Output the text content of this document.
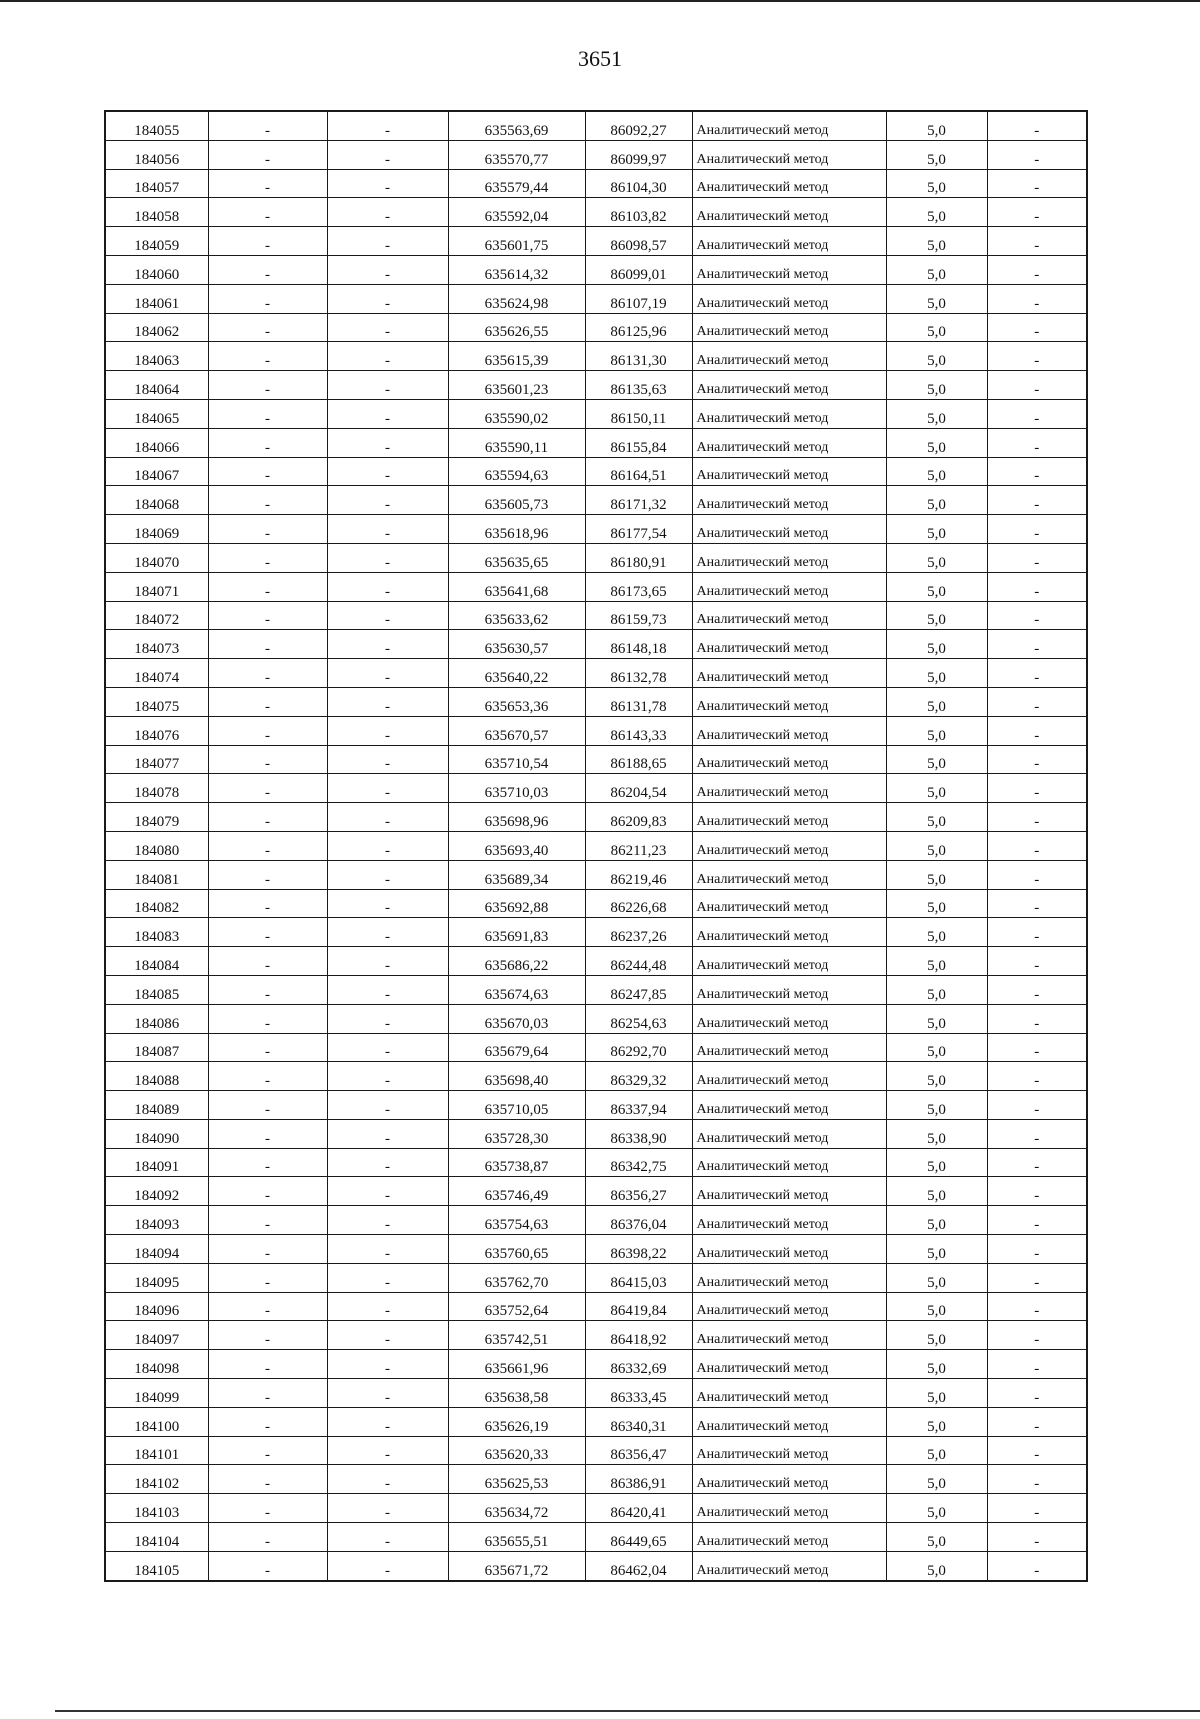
3651
184055	-	-	635563,69	86092,27	Аналитический метод	5,0	-
184056	-	-	635570,77	86099,97	Аналитический метод	5,0	-
184057	-	-	635579,44	86104,30	Аналитический метод	5,0	-
184058	-	-	635592,04	86103,82	Аналитический метод	5,0	-
184059	-	-	635601,75	86098,57	Аналитический метод	5,0	-
184060	-	-	635614,32	86099,01	Аналитический метод	5,0	-
184061	-	-	635624,98	86107,19	Аналитический метод	5,0	-
184062	-	-	635626,55	86125,96	Аналитический метод	5,0	-
184063	-	-	635615,39	86131,30	Аналитический метод	5,0	-
184064	-	-	635601,23	86135,63	Аналитический метод	5,0	-
184065	-	-	635590,02	86150,11	Аналитический метод	5,0	-
184066	-	-	635590,11	86155,84	Аналитический метод	5,0	-
184067	-	-	635594,63	86164,51	Аналитический метод	5,0	-
184068	-	-	635605,73	86171,32	Аналитический метод	5,0	-
184069	-	-	635618,96	86177,54	Аналитический метод	5,0	-
184070	-	-	635635,65	86180,91	Аналитический метод	5,0	-
184071	-	-	635641,68	86173,65	Аналитический метод	5,0	-
184072	-	-	635633,62	86159,73	Аналитический метод	5,0	-
184073	-	-	635630,57	86148,18	Аналитический метод	5,0	-
184074	-	-	635640,22	86132,78	Аналитический метод	5,0	-
184075	-	-	635653,36	86131,78	Аналитический метод	5,0	-
184076	-	-	635670,57	86143,33	Аналитический метод	5,0	-
184077	-	-	635710,54	86188,65	Аналитический метод	5,0	-
184078	-	-	635710,03	86204,54	Аналитический метод	5,0	-
184079	-	-	635698,96	86209,83	Аналитический метод	5,0	-
184080	-	-	635693,40	86211,23	Аналитический метод	5,0	-
184081	-	-	635689,34	86219,46	Аналитический метод	5,0	-
184082	-	-	635692,88	86226,68	Аналитический метод	5,0	-
184083	-	-	635691,83	86237,26	Аналитический метод	5,0	-
184084	-	-	635686,22	86244,48	Аналитический метод	5,0	-
184085	-	-	635674,63	86247,85	Аналитический метод	5,0	-
184086	-	-	635670,03	86254,63	Аналитический метод	5,0	-
184087	-	-	635679,64	86292,70	Аналитический метод	5,0	-
184088	-	-	635698,40	86329,32	Аналитический метод	5,0	-
184089	-	-	635710,05	86337,94	Аналитический метод	5,0	-
184090	-	-	635728,30	86338,90	Аналитический метод	5,0	-
184091	-	-	635738,87	86342,75	Аналитический метод	5,0	-
184092	-	-	635746,49	86356,27	Аналитический метод	5,0	-
184093	-	-	635754,63	86376,04	Аналитический метод	5,0	-
184094	-	-	635760,65	86398,22	Аналитический метод	5,0	-
184095	-	-	635762,70	86415,03	Аналитический метод	5,0	-
184096	-	-	635752,64	86419,84	Аналитический метод	5,0	-
184097	-	-	635742,51	86418,92	Аналитический метод	5,0	-
184098	-	-	635661,96	86332,69	Аналитический метод	5,0	-
184099	-	-	635638,58	86333,45	Аналитический метод	5,0	-
184100	-	-	635626,19	86340,31	Аналитический метод	5,0	-
184101	-	-	635620,33	86356,47	Аналитический метод	5,0	-
184102	-	-	635625,53	86386,91	Аналитический метод	5,0	-
184103	-	-	635634,72	86420,41	Аналитический метод	5,0	-
184104	-	-	635655,51	86449,65	Аналитический метод	5,0	-
184105	-	-	635671,72	86462,04	Аналитический метод	5,0	-
